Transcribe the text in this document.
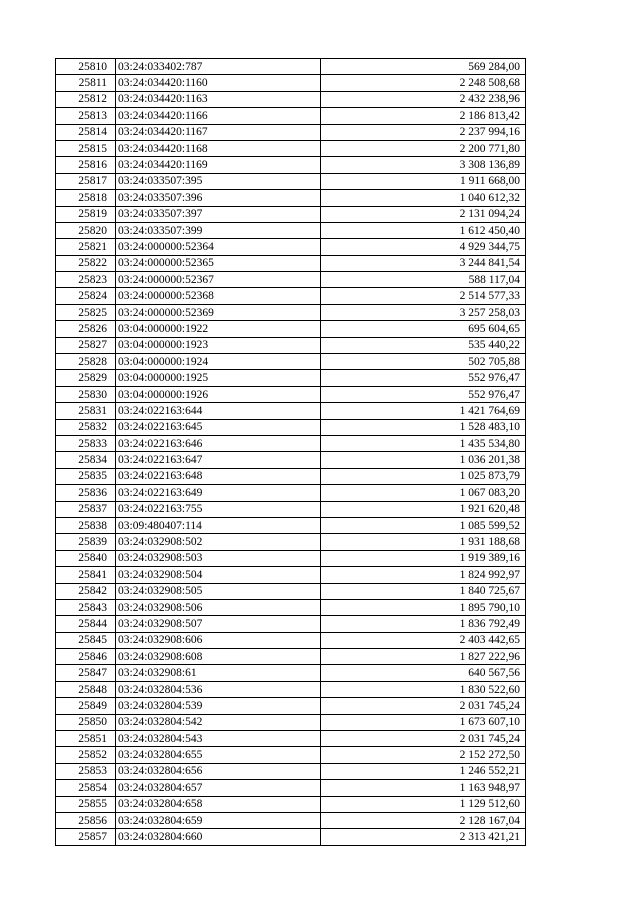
25810	03:24:033402:787	569 284,00
25811	03:24:034420:1160	2 248 508,68
25812	03:24:034420:1163	2 432 238,96
25813	03:24:034420:1166	2 186 813,42
25814	03:24:034420:1167	2 237 994,16
25815	03:24:034420:1168	2 200 771,80
25816	03:24:034420:1169	3 308 136,89
25817	03:24:033507:395	1 911 668,00
25818	03:24:033507:396	1 040 612,32
25819	03:24:033507:397	2 131 094,24
25820	03:24:033507:399	1 612 450,40
25821	03:24:000000:52364	4 929 344,75
25822	03:24:000000:52365	3 244 841,54
25823	03:24:000000:52367	588 117,04
25824	03:24:000000:52368	2 514 577,33
25825	03:24:000000:52369	3 257 258,03
25826	03:04:000000:1922	695 604,65
25827	03:04:000000:1923	535 440,22
25828	03:04:000000:1924	502 705,88
25829	03:04:000000:1925	552 976,47
25830	03:04:000000:1926	552 976,47
25831	03:24:022163:644	1 421 764,69
25832	03:24:022163:645	1 528 483,10
25833	03:24:022163:646	1 435 534,80
25834	03:24:022163:647	1 036 201,38
25835	03:24:022163:648	1 025 873,79
25836	03:24:022163:649	1 067 083,20
25837	03:24:022163:755	1 921 620,48
25838	03:09:480407:114	1 085 599,52
25839	03:24:032908:502	1 931 188,68
25840	03:24:032908:503	1 919 389,16
25841	03:24:032908:504	1 824 992,97
25842	03:24:032908:505	1 840 725,67
25843	03:24:032908:506	1 895 790,10
25844	03:24:032908:507	1 836 792,49
25845	03:24:032908:606	2 403 442,65
25846	03:24:032908:608	1 827 222,96
25847	03:24:032908:61	640 567,56
25848	03:24:032804:536	1 830 522,60
25849	03:24:032804:539	2 031 745,24
25850	03:24:032804:542	1 673 607,10
25851	03:24:032804:543	2 031 745,24
25852	03:24:032804:655	2 152 272,50
25853	03:24:032804:656	1 246 552,21
25854	03:24:032804:657	1 163 948,97
25855	03:24:032804:658	1 129 512,60
25856	03:24:032804:659	2 128 167,04
25857	03:24:032804:660	2 313 421,21
